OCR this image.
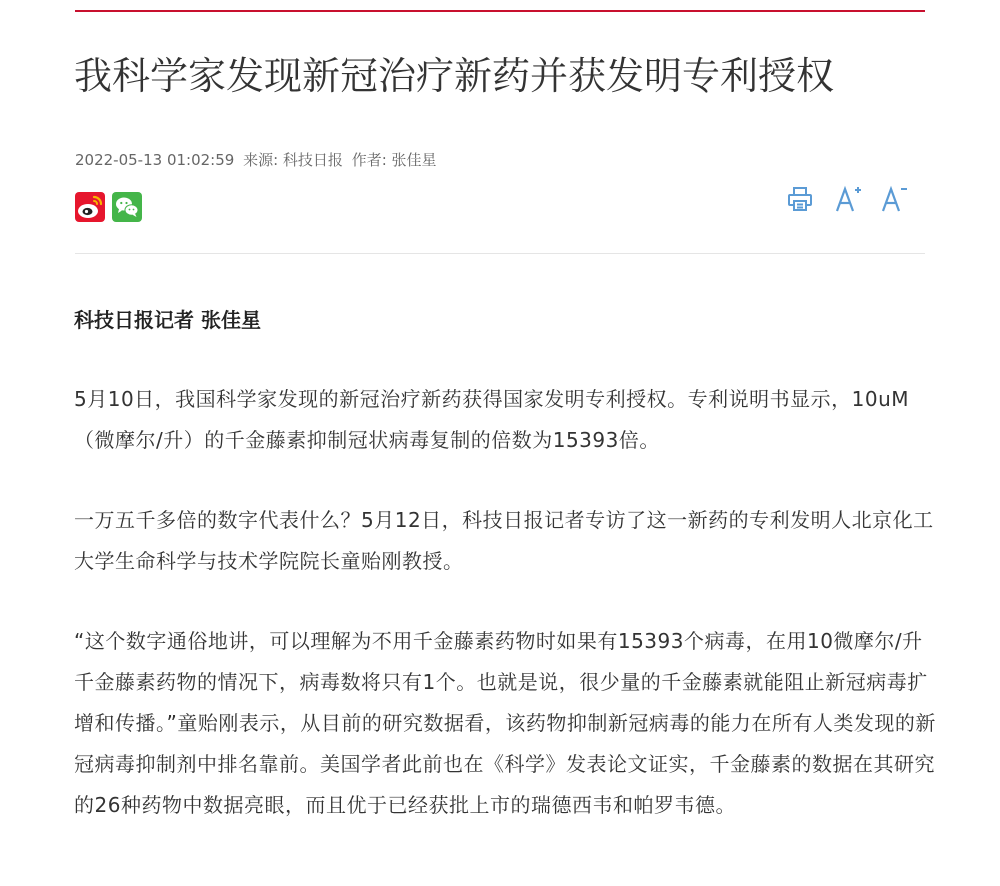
我科学家发现新冠治疗新药并获发明专利授权
2022-05-13 01:02:59 来源: 科技日报 作者: 张佳星

科技日报记者 张佳星

5月10日，我国科学家发现的新冠治疗新药获得国家发明专利授权。专利说明书显示，10uM（微摩尔/升）的千金藤素抑制冠状病毒复制的倍数为15393倍。

一万五千多倍的数字代表什么？5月12日，科技日报记者专访了这一新药的专利发明人北京化工大学生命科学与技术学院院长童贻刚教授。

“这个数字通俗地讲，可以理解为不用千金藤素药物时如果有15393个病毒，在用10微摩尔/升千金藤素药物的情况下，病毒数将只有1个。也就是说，很少量的千金藤素就能阻止新冠病毒扩增和传播。”童贻刚表示，从目前的研究数据看，该药物抑制新冠病毒的能力在所有人类发现的新冠病毒抑制剂中排名靠前。美国学者此前也在《科学》发表论文证实，千金藤素的数据在其研究的26种药物中数据亮眼，而且优于已经获批上市的瑞德西韦和帕罗韦德。
